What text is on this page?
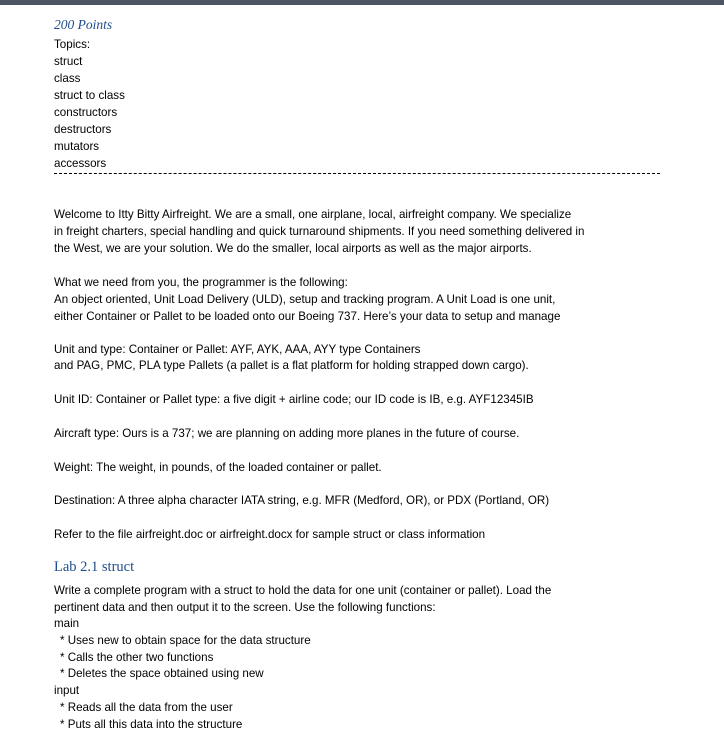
200 Points
Topics:
struct
class
struct to class
constructors
destructors
mutators
accessors
Welcome to Itty Bitty Airfreight. We are a small, one airplane, local, airfreight company. We specialize
in freight charters, special handling and quick turnaround shipments. If you need something delivered in
the West, we are your solution. We do the smaller, local airports as well as the major airports.
What we need from you, the programmer is the following:
An object oriented, Unit Load Delivery (ULD), setup and tracking program. A Unit Load is one unit,
either Container or Pallet to be loaded onto our Boeing 737. Here’s your data to setup and manage
Unit and type: Container or Pallet: AYF, AYK, AAA, AYY type Containers
and PAG, PMC, PLA type Pallets (a pallet is a flat platform for holding strapped down cargo).
Unit ID: Container or Pallet type: a five digit + airline code; our ID code is IB, e.g. AYF12345IB
Aircraft type: Ours is a 737; we are planning on adding more planes in the future of course.
Weight: The weight, in pounds, of the loaded container or pallet.
Destination: A three alpha character IATA string, e.g. MFR (Medford, OR), or PDX (Portland, OR)
Refer to the file airfreight.doc or airfreight.docx for sample struct or class information
Lab 2.1 struct
Write a complete program with a struct to hold the data for one unit (container or pallet). Load the
pertinent data and then output it to the screen. Use the following functions:
main
* Uses new to obtain space for the data structure
* Calls the other two functions
* Deletes the space obtained using new
input
* Reads all the data from the user
* Puts all this data into the structure
